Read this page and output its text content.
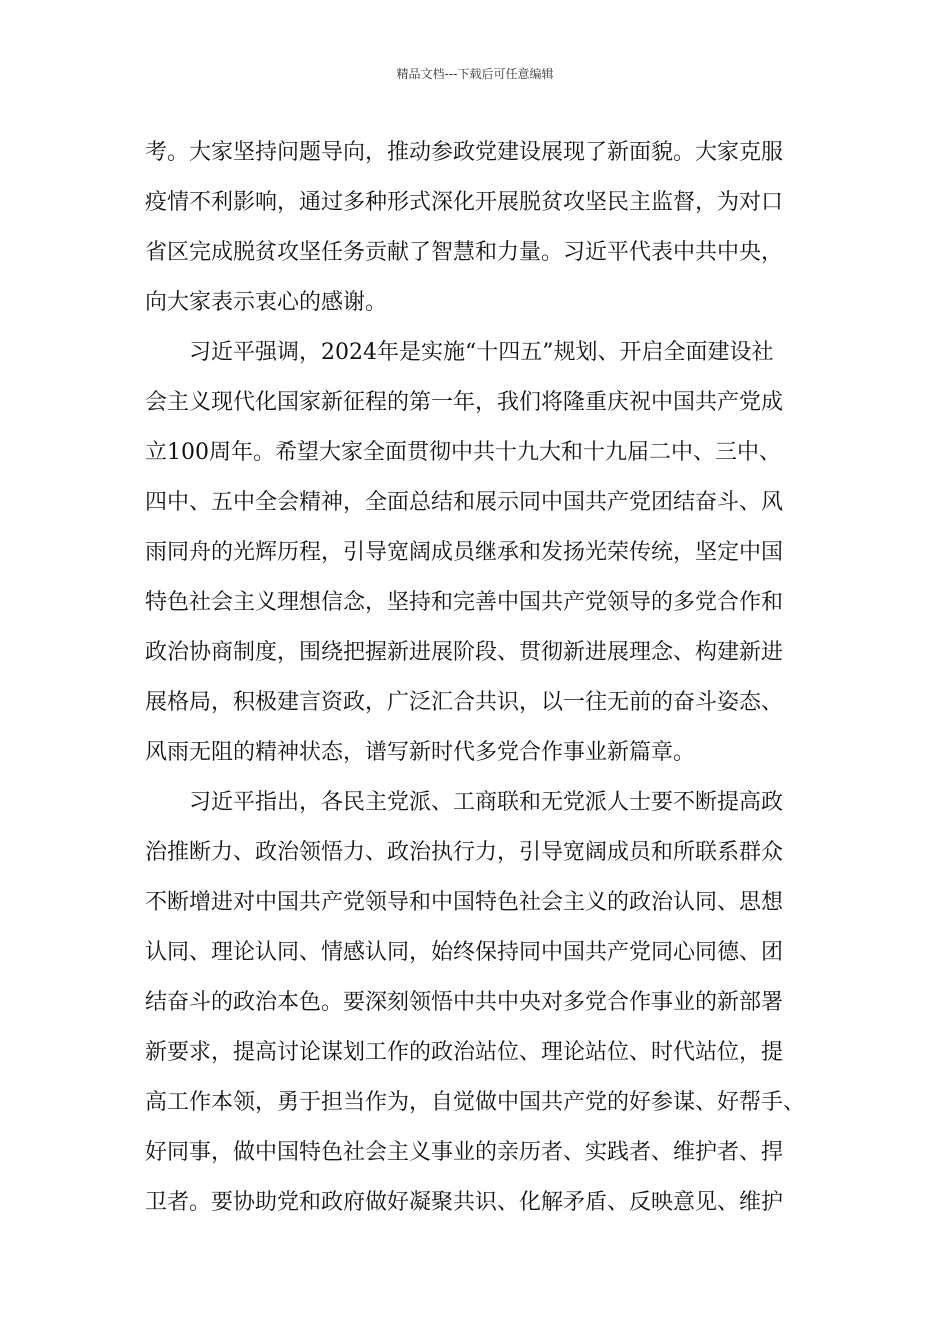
精品文档---下载后可任意编辑
考。大家坚持问题导向，推动参政党建设展现了新面貌。大家克服
疫情不利影响，通过多种形式深化开展脱贫攻坚民主监督，为对口
省区完成脱贫攻坚任务贡献了智慧和力量。习近平代表中共中央，
向大家表示衷心的感谢。
　　习近平强调，2024年是实施“十四五”规划、开启全面建设社
会主义现代化国家新征程的第一年，我们将隆重庆祝中国共产党成
立100周年。希望大家全面贯彻中共十九大和十九届二中、三中、
四中、五中全会精神，全面总结和展示同中国共产党团结奋斗、风
雨同舟的光辉历程，引导宽阔成员继承和发扬光荣传统，坚定中国
特色社会主义理想信念，坚持和完善中国共产党领导的多党合作和
政治协商制度，围绕把握新进展阶段、贯彻新进展理念、构建新进
展格局，积极建言资政，广泛汇合共识，以一往无前的奋斗姿态、
风雨无阻的精神状态，谱写新时代多党合作事业新篇章。
　　习近平指出，各民主党派、工商联和无党派人士要不断提高政
治推断力、政治领悟力、政治执行力，引导宽阔成员和所联系群众
不断增进对中国共产党领导和中国特色社会主义的政治认同、思想
认同、理论认同、情感认同，始终保持同中国共产党同心同德、团
结奋斗的政治本色。要深刻领悟中共中央对多党合作事业的新部署
新要求，提高讨论谋划工作的政治站位、理论站位、时代站位，提
高工作本领，勇于担当作为，自觉做中国共产党的好参谋、好帮手、
好同事，做中国特色社会主义事业的亲历者、实践者、维护者、捍
卫者。要协助党和政府做好凝聚共识、化解矛盾、反映意见、维护
